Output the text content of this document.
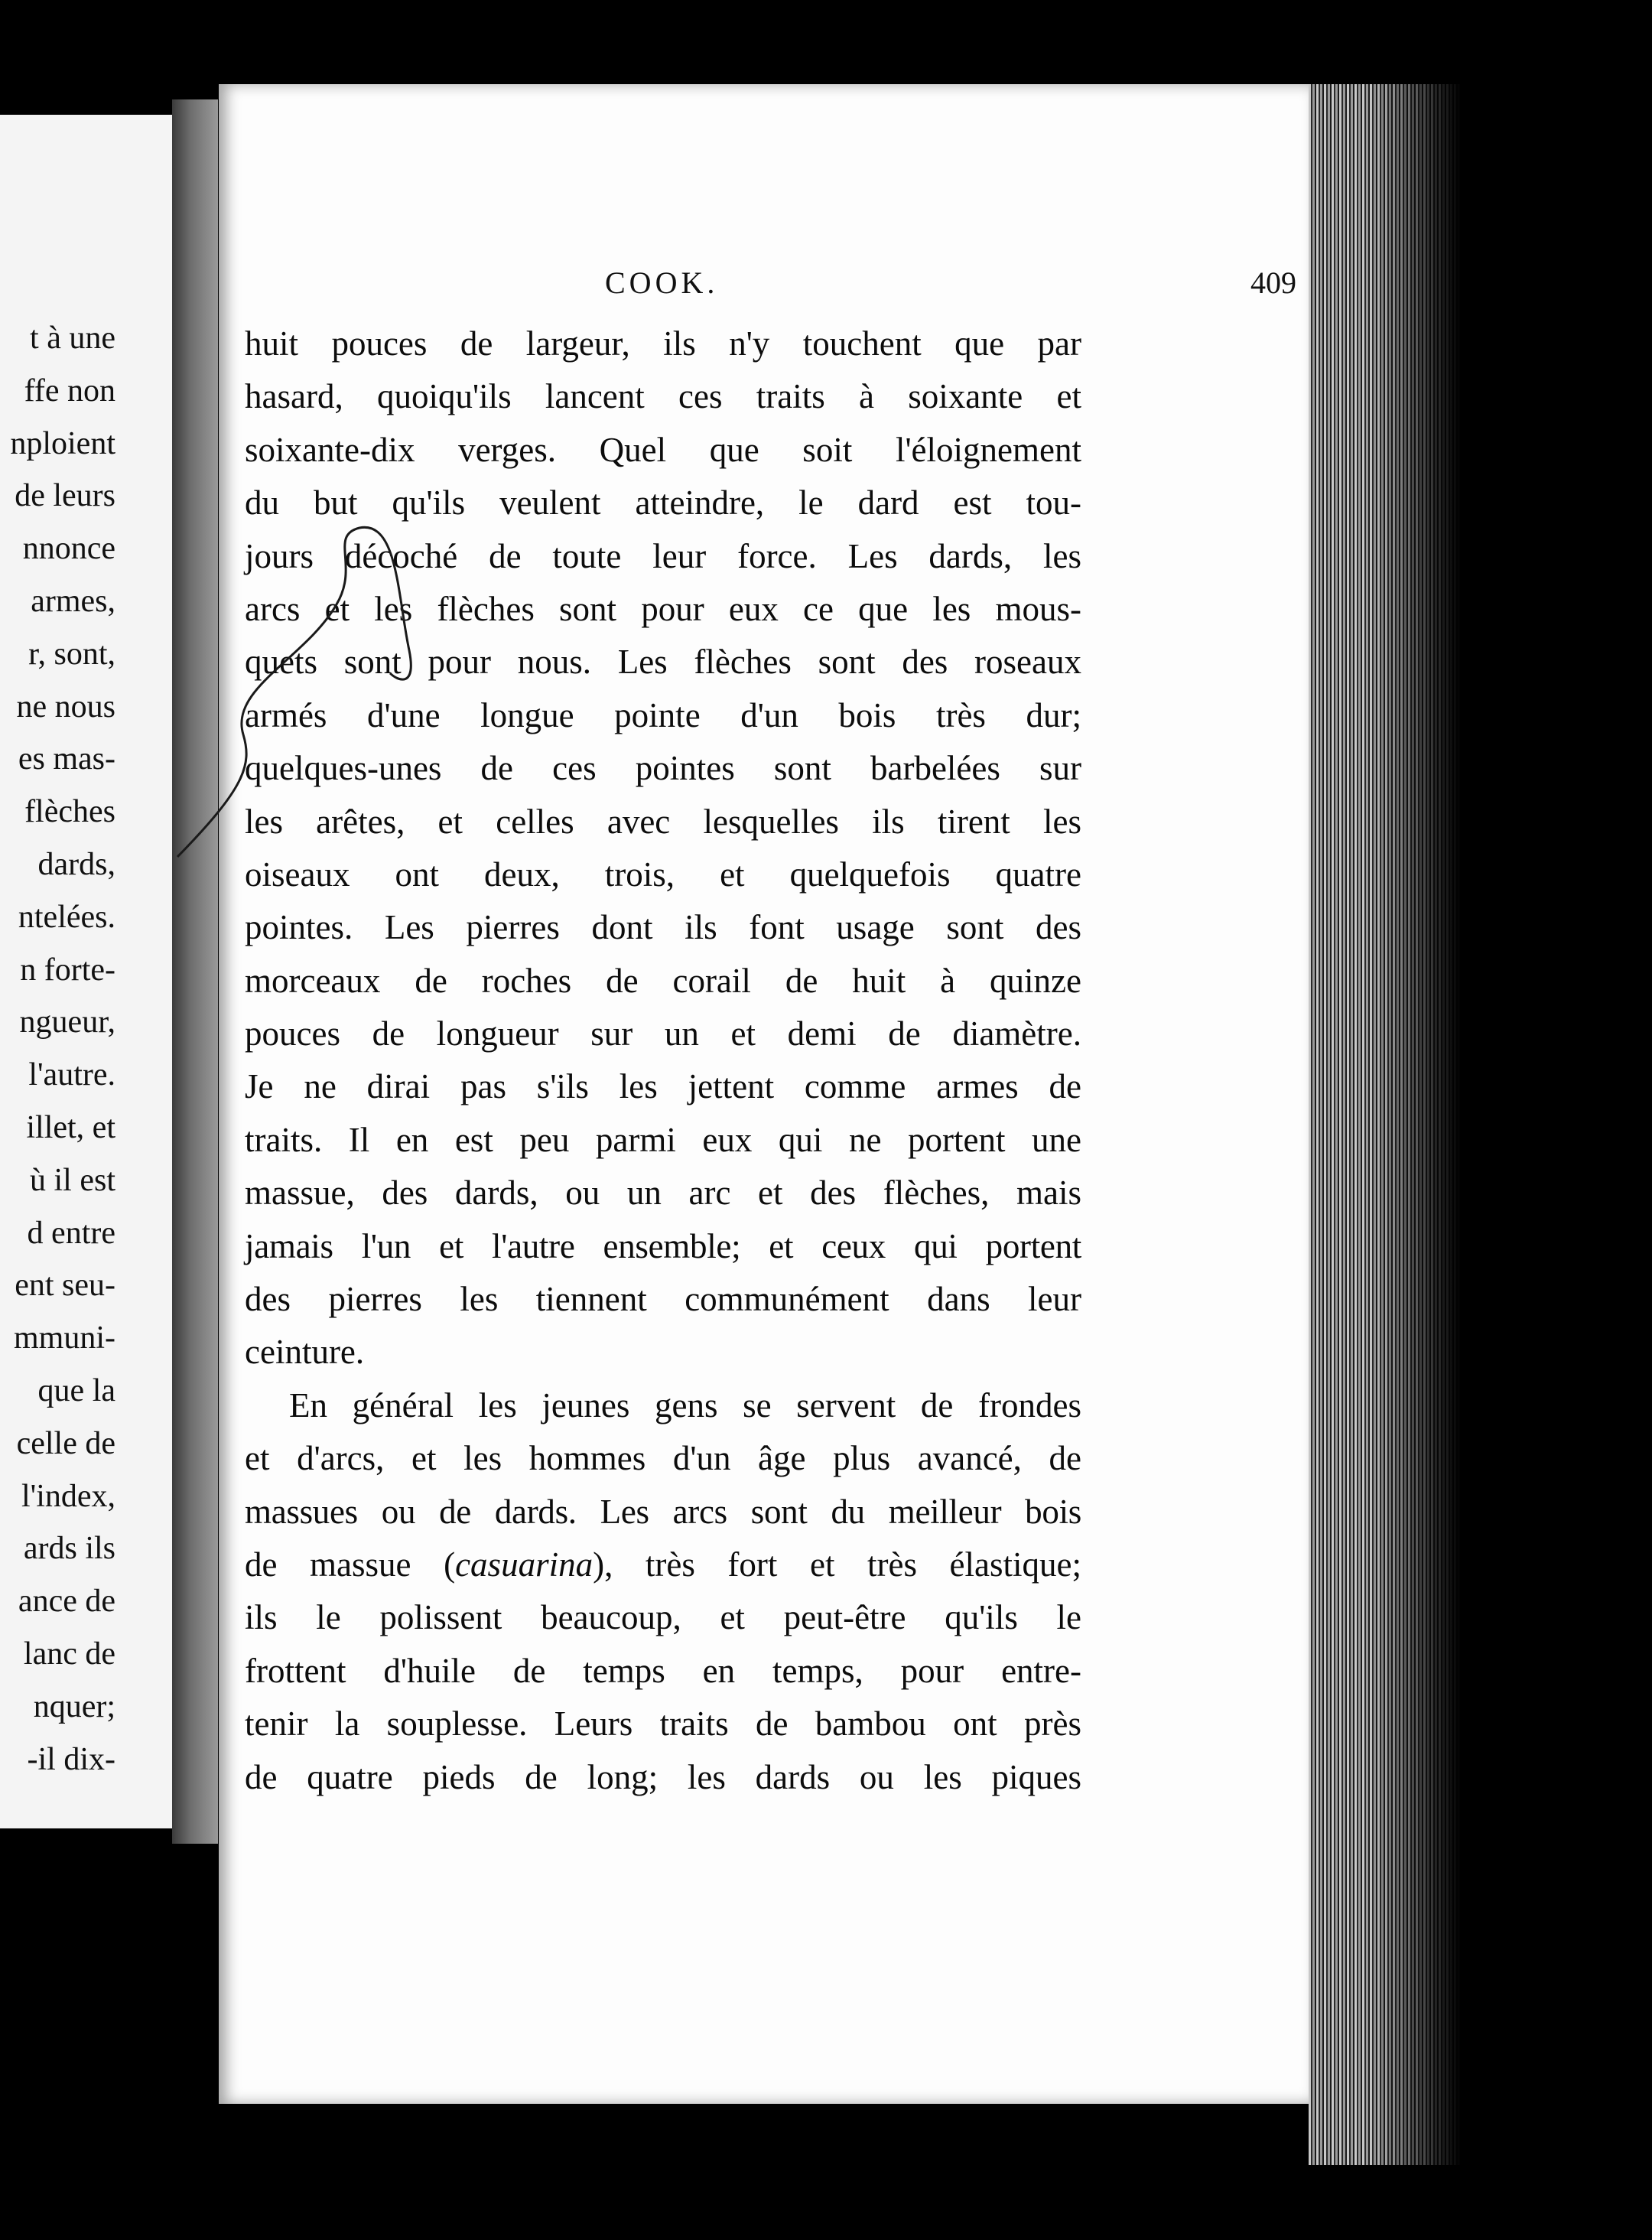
t à une
ffe non
nploient
de leurs
nnonce
armes,
r, sont,
ne nous
es mas-
flèches
dards,
ntelées.
n forte-
ngueur,
l'autre.
illet, et
ù il est
d entre
ent seu-
mmuni-
que la
celle de
l'index,
ards ils
ance de
lanc de
nquer;
-il dix-
COOK.	409

huit pouces de largeur, ils n'y touchent que par
hasard, quoiqu'ils lancent ces traits à soixante et
soixante-dix verges. Quel que soit l'éloignement
du but qu'ils veulent atteindre, le dard est tou-
jours décoché de toute leur force. Les dards, les
arcs et les flèches sont pour eux ce que les mous-
quets sont pour nous. Les flèches sont des roseaux
armés d'une longue pointe d'un bois très dur;
quelques-unes de ces pointes sont barbelées sur
les arêtes, et celles avec lesquelles ils tirent les
oiseaux ont deux, trois, et quelquefois quatre
pointes. Les pierres dont ils font usage sont des
morceaux de roches de corail de huit à quinze
pouces de longueur sur un et demi de diamètre.
Je ne dirai pas s'ils les jettent comme armes de
traits. Il en est peu parmi eux qui ne portent une
massue, des dards, ou un arc et des flèches, mais
jamais l'un et l'autre ensemble; et ceux qui portent
des pierres les tiennent communément dans leur
ceinture.

En général les jeunes gens se servent de frondes
et d'arcs, et les hommes d'un âge plus avancé, de
massues ou de dards. Les arcs sont du meilleur bois
de massue (casuarina), très fort et très élastique;
ils le polissent beaucoup, et peut-être qu'ils le
frottent d'huile de temps en temps, pour entre-
tenir la souplesse. Leurs traits de bambou ont près
de quatre pieds de long; les dards ou les piques
